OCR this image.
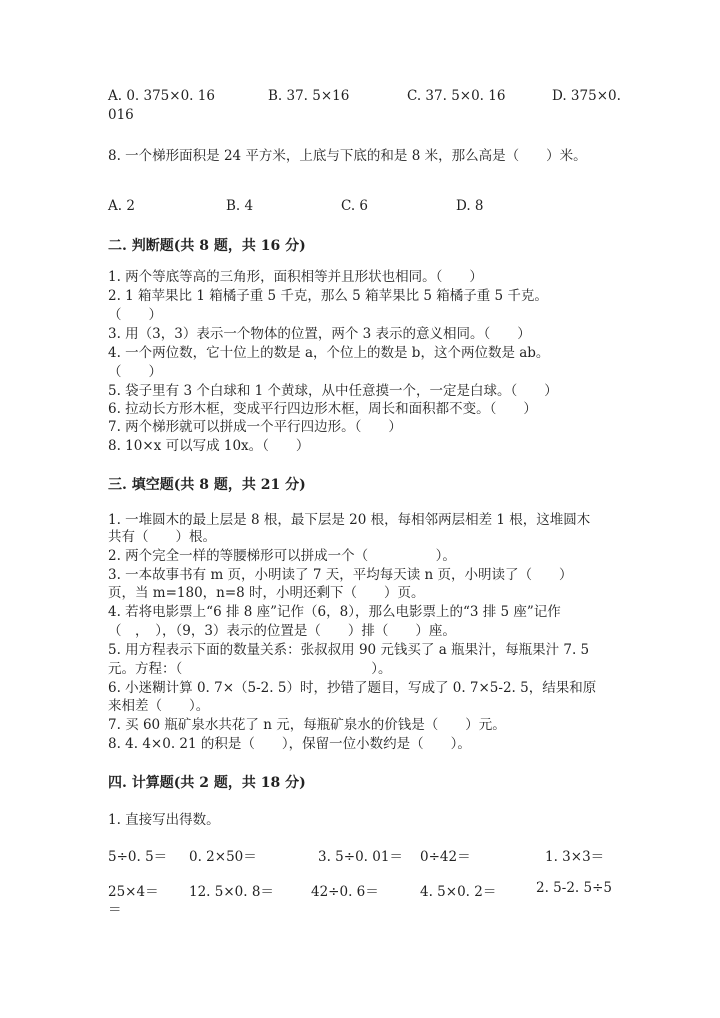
A. 0. 375×0. 16	B. 37. 5×16	C. 37. 5×0. 16	D. 375×0.
016
8. 一个梯形面积是 24 平方米，上底与下底的和是 8 米，那么高是（　　）米。
A. 2	B. 4	C. 6	D. 8
二. 判断题(共 8 题，共 16 分)
1. 两个等底等高的三角形，面积相等并且形状也相同。（　　）
2. 1 箱苹果比 1 箱橘子重 5 千克，那么 5 箱苹果比 5 箱橘子重 5 千克。
（　　）
3. 用（3，3）表示一个物体的位置，两个 3 表示的意义相同。（　　）
4. 一个两位数，它十位上的数是 a，个位上的数是 b，这个两位数是 ab。
（　　）
5. 袋子里有 3 个白球和 1 个黄球，从中任意摸一个，一定是白球。（　　）
6. 拉动长方形木框，变成平行四边形木框，周长和面积都不变。（　　）
7. 两个梯形就可以拼成一个平行四边形。（　　）
8. 10×x 可以写成 10x。（　　）
三. 填空题(共 8 题，共 21 分)
1. 一堆圆木的最上层是 8 根，最下层是 20 根，每相邻两层相差 1 根，这堆圆木
共有（　　）根。
2. 两个完全一样的等腰梯形可以拼成一个（　　　　　）。
3. 一本故事书有 m 页，小明读了 7 天，平均每天读 n 页，小明读了（　　）
页，当 m=180，n=8 时，小明还剩下（　　）页。
4. 若将电影票上“6 排 8 座”记作（6，8），那么电影票上的“3 排 5 座”记作
（　，　），（9，3）表示的位置是（　　）排（　　）座。
5. 用方程表示下面的数量关系：张叔叔用 90 元钱买了 a 瓶果汁，每瓶果汁 7. 5
元。方程：（　　　　　　　　　　　　　　）。
6. 小迷糊计算 0. 7×（5-2. 5）时，抄错了题目，写成了 0. 7×5-2. 5，结果和原
来相差（　　）。
7. 买 60 瓶矿泉水共花了 n 元，每瓶矿泉水的价钱是（　　）元。
8. 4. 4×0. 21 的积是（　　），保留一位小数约是（　　）。
四. 计算题(共 2 题，共 18 分)
1. 直接写出得数。
5÷0. 5＝ 0. 2×50＝	3. 5÷0. 01＝ 0÷42＝	1. 3×3＝
25×4＝ 12. 5×0. 8＝	42÷0. 6＝	4. 5×0. 2＝	2. 5-2. 5÷5
＝
